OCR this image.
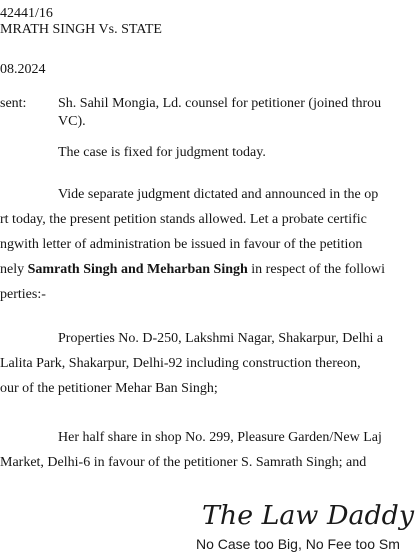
42441/16
MRATH SINGH Vs. STATE
08.2024
sent: Sh. Sahil Mongia, Ld. counsel for petitioner (joined throu
VC).
The case is fixed for judgment today.
Vide separate judgment dictated and announced in the op
rt today, the present petition stands allowed. Let a probate certific
ngwith letter of administration be issued in favour of the petition
nely Samrath Singh and Meharban Singh in respect of the followi
perties:-
Properties No. D-250, Lakshmi Nagar, Shakarpur, Delhi a
Lalita Park, Shakarpur, Delhi-92 including construction thereon,
our of the petitioner Mehar Ban Singh;
Her half share in shop No. 299, Pleasure Garden/New Laj
Market, Delhi-6 in favour of the petitioner S. Samrath Singh; and
The Law Daddy
No Case too Big, No Fee too Sm
